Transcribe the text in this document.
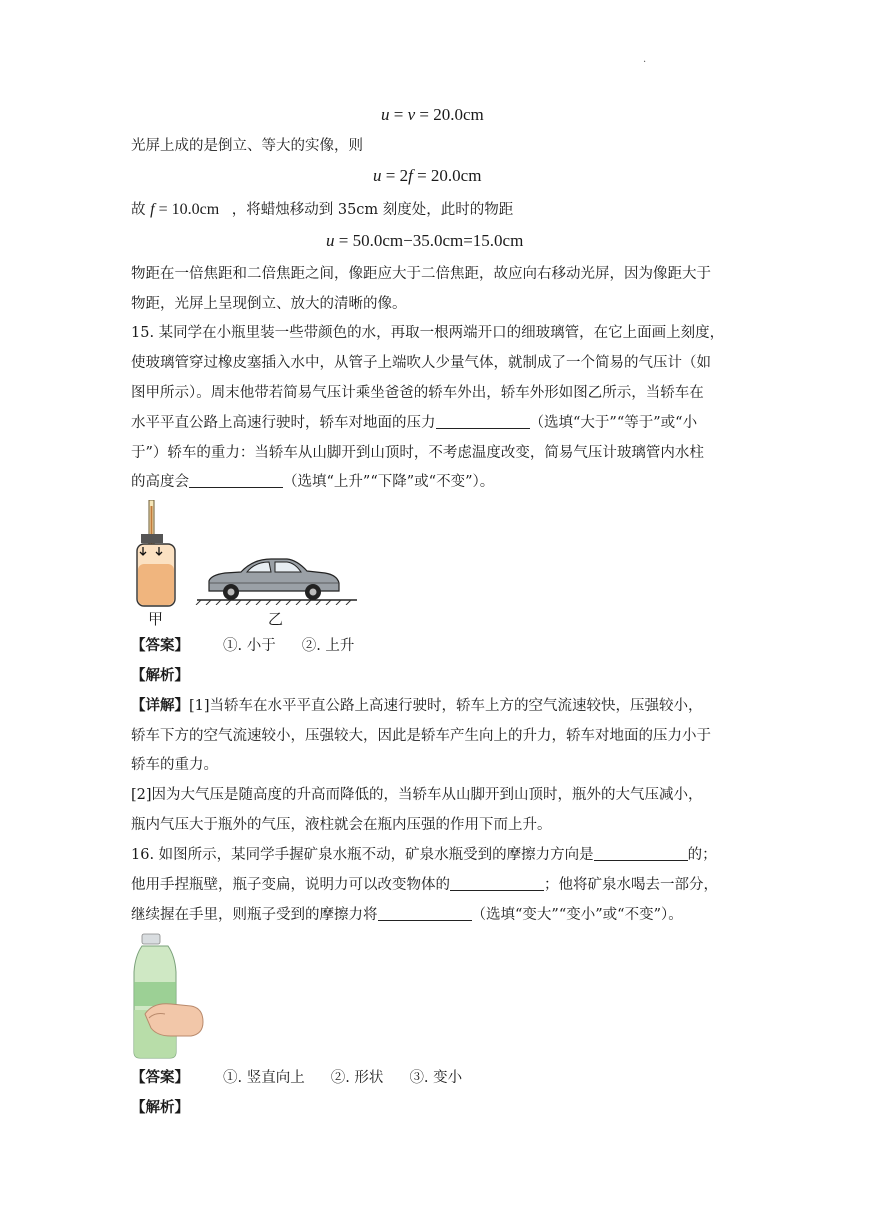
.
u = v = 20.0cm
光屏上成的是倒立、等大的实像，则
u = 2f = 20.0cm
故 f = 10.0cm ，将蜡烛移动到 35cm 刻度处，此时的物距
u = 50.0cm−35.0cm=15.0cm
物距在一倍焦距和二倍焦距之间，像距应大于二倍焦距，故应向右移动光屏，因为像距大于
物距，光屏上呈现倒立、放大的清晰的像。
15. 某同学在小瓶里装一些带颜色的水，再取一根两端开口的细玻璃管，在它上面画上刻度，
使玻璃管穿过橡皮塞插入水中，从管子上端吹人少量气体，就制成了一个简易的气压计（如
图甲所示）。周末他带若简易气压计乘坐爸爸的轿车外出，轿车外形如图乙所示，当轿车在
水平平直公路上高速行驶时，轿车对地面的压力	（选填“大于”“等于”或“小
于”）轿车的重力：当轿车从山脚开到山顶时，不考虑温度改变，简易气压计玻璃管内水柱
的高度会	（选填“上升”“下降”或“不变”）。
甲	乙
【答案】 ①. 小于 ②. 上升
【解析】
【详解】[1]当轿车在水平平直公路上高速行驶时，轿车上方的空气流速较快，压强较小，
轿车下方的空气流速较小，压强较大，因此是轿车产生向上的升力，轿车对地面的压力小于
轿车的重力。
[2]因为大气压是随高度的升高而降低的，当轿车从山脚开到山顶时，瓶外的大气压减小，
瓶内气压大于瓶外的气压，液柱就会在瓶内压强的作用下而上升。
16. 如图所示，某同学手握矿泉水瓶不动，矿泉水瓶受到的摩擦力方向是	的；
他用手捏瓶壁，瓶子变扁，说明力可以改变物体的	；他将矿泉水喝去一部分，
继续握在手里，则瓶子受到的摩擦力将	（选填“变大”“变小”或“不变”）。
【答案】 ①. 竖直向上 ②. 形状 ③. 变小
【解析】
